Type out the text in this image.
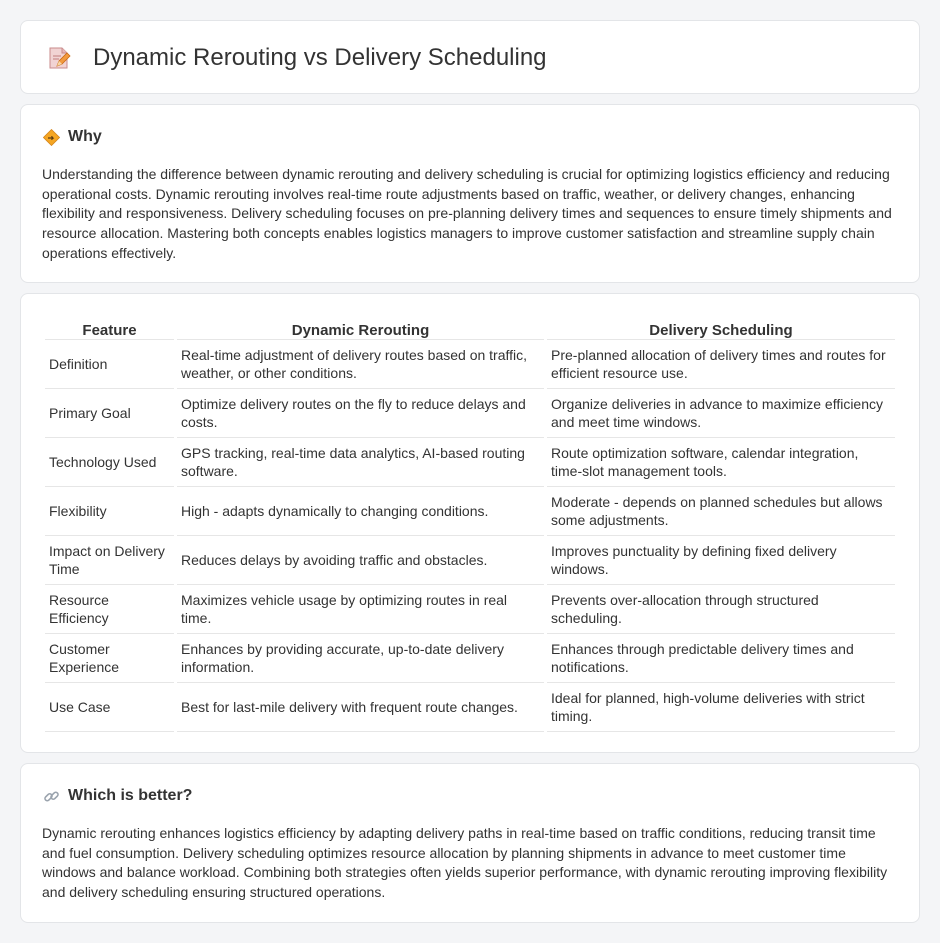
Dynamic Rerouting vs Delivery Scheduling
Why

Understanding the difference between dynamic rerouting and delivery scheduling is crucial for optimizing logistics efficiency and reducing operational costs. Dynamic rerouting involves real-time route adjustments based on traffic, weather, or delivery changes, enhancing flexibility and responsiveness. Delivery scheduling focuses on pre-planning delivery times and sequences to ensure timely shipments and resource allocation. Mastering both concepts enables logistics managers to improve customer satisfaction and streamline supply chain operations effectively.

Feature	Dynamic Rerouting	Delivery Scheduling
Definition	Real-time adjustment of delivery routes based on traffic, weather, or other conditions.	Pre-planned allocation of delivery times and routes for efficient resource use.
Primary Goal	Optimize delivery routes on the fly to reduce delays and costs.	Organize deliveries in advance to maximize efficiency and meet time windows.
Technology Used	GPS tracking, real-time data analytics, AI-based routing software.	Route optimization software, calendar integration, time-slot management tools.
Flexibility	High - adapts dynamically to changing conditions.	Moderate - depends on planned schedules but allows some adjustments.
Impact on Delivery Time	Reduces delays by avoiding traffic and obstacles.	Improves punctuality by defining fixed delivery windows.
Resource Efficiency	Maximizes vehicle usage by optimizing routes in real time.	Prevents over-allocation through structured scheduling.
Customer Experience	Enhances by providing accurate, up-to-date delivery information.	Enhances through predictable delivery times and notifications.
Use Case	Best for last-mile delivery with frequent route changes.	Ideal for planned, high-volume deliveries with strict timing.
Which is better?

Dynamic rerouting enhances logistics efficiency by adapting delivery paths in real-time based on traffic conditions, reducing transit time and fuel consumption. Delivery scheduling optimizes resource allocation by planning shipments in advance to meet customer time windows and balance workload. Combining both strategies often yields superior performance, with dynamic rerouting improving flexibility and delivery scheduling ensuring structured operations.
